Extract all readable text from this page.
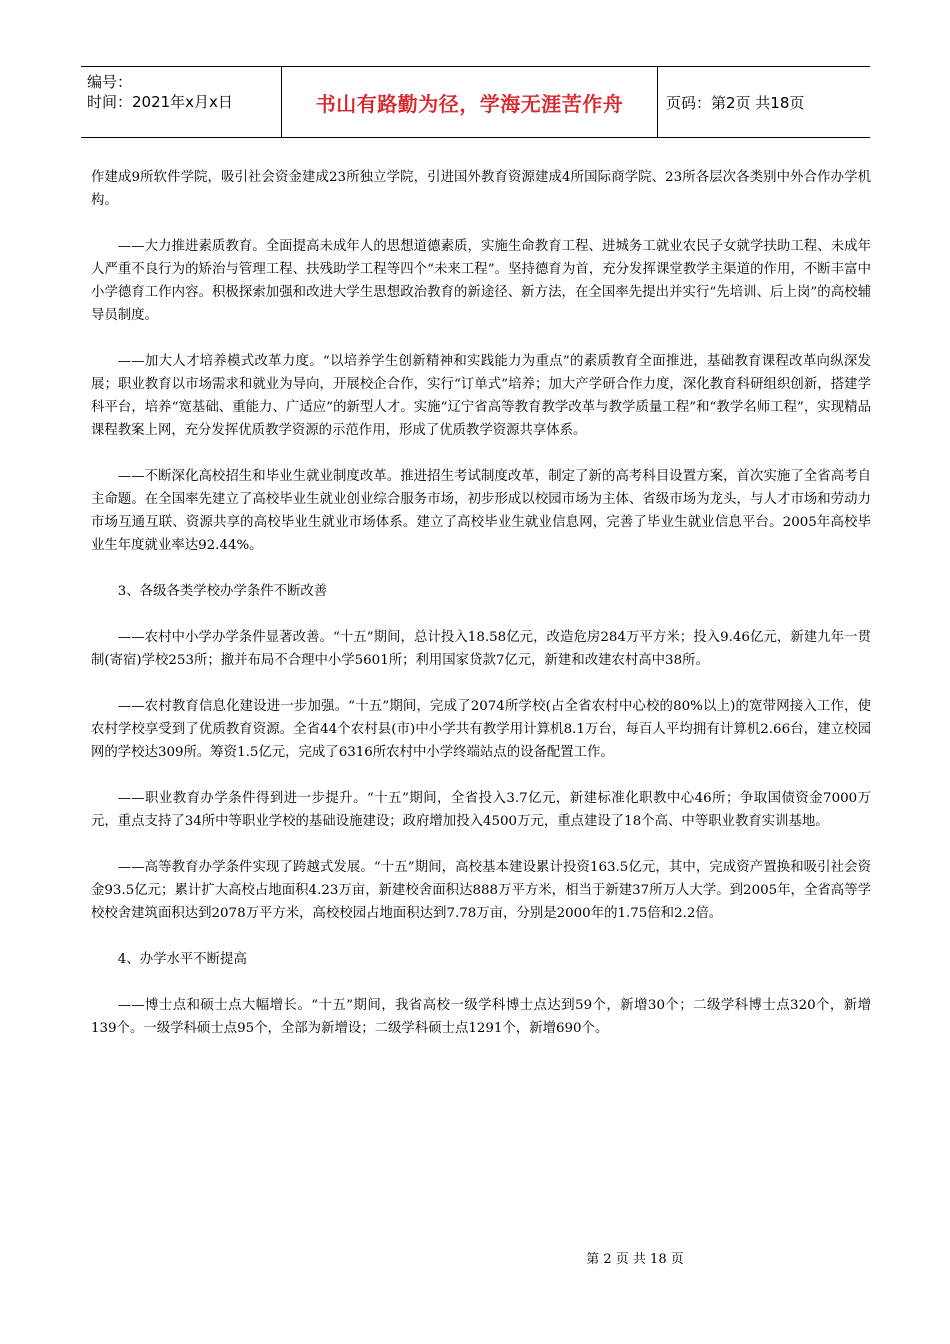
编号：
时间：2021年x月x日	书山有路勤为径，学海无涯苦作舟	页码：第2页 共18页

作建成9所软件学院，吸引社会资金建成23所独立学院，引进国外教育资源建成4所国际商学院、23所各层次各类别中外合作办学机构。

——大力推进素质教育。全面提高未成年人的思想道德素质，实施生命教育工程、进城务工就业农民子女就学扶助工程、未成年人严重不良行为的矫治与管理工程、扶残助学工程等四个“未来工程”。坚持德育为首，充分发挥课堂教学主渠道的作用，不断丰富中小学德育工作内容。积极探索加强和改进大学生思想政治教育的新途径、新方法，在全国率先提出并实行“先培训、后上岗”的高校辅导员制度。

——加大人才培养模式改革力度。“以培养学生创新精神和实践能力为重点”的素质教育全面推进，基础教育课程改革向纵深发展；职业教育以市场需求和就业为导向，开展校企合作，实行“订单式”培养；加大产学研合作力度，深化教育科研组织创新，搭建学科平台，培养“宽基础、重能力、广适应”的新型人才。实施“辽宁省高等教育教学改革与教学质量工程”和“教学名师工程”，实现精品课程教案上网，充分发挥优质教学资源的示范作用，形成了优质教学资源共享体系。

——不断深化高校招生和毕业生就业制度改革。推进招生考试制度改革，制定了新的高考科目设置方案，首次实施了全省高考自主命题。在全国率先建立了高校毕业生就业创业综合服务市场，初步形成以校园市场为主体、省级市场为龙头，与人才市场和劳动力市场互通互联、资源共享的高校毕业生就业市场体系。建立了高校毕业生就业信息网，完善了毕业生就业信息平台。2005年高校毕业生年度就业率达92.44%。

3、各级各类学校办学条件不断改善

——农村中小学办学条件显著改善。“十五”期间，总计投入18.58亿元，改造危房284万平方米；投入9.46亿元，新建九年一贯制(寄宿)学校253所；撤并布局不合理中小学5601所；利用国家贷款7亿元，新建和改建农村高中38所。

——农村教育信息化建设进一步加强。“十五”期间，完成了2074所学校(占全省农村中心校的80%以上)的宽带网接入工作，使农村学校享受到了优质教育资源。全省44个农村县(市)中小学共有教学用计算机8.1万台，每百人平均拥有计算机2.66台，建立校园网的学校达309所。筹资1.5亿元，完成了6316所农村中小学终端站点的设备配置工作。

——职业教育办学条件得到进一步提升。“十五”期间，全省投入3.7亿元，新建标准化职教中心46所；争取国债资金7000万元，重点支持了34所中等职业学校的基础设施建设；政府增加投入4500万元，重点建设了18个高、中等职业教育实训基地。

——高等教育办学条件实现了跨越式发展。“十五”期间，高校基本建设累计投资163.5亿元，其中，完成资产置换和吸引社会资金93.5亿元；累计扩大高校占地面积4.23万亩，新建校舍面积达888万平方米，相当于新建37所万人大学。到2005年，全省高等学校校舍建筑面积达到2078万平方米，高校校园占地面积达到7.78万亩，分别是2000年的1.75倍和2.2倍。

4、办学水平不断提高

——博士点和硕士点大幅增长。“十五”期间，我省高校一级学科博士点达到59个，新增30个；二级学科博士点320个，新增139个。一级学科硕士点95个，全部为新增设；二级学科硕士点1291个，新增690个。

第 2 页 共 18 页
